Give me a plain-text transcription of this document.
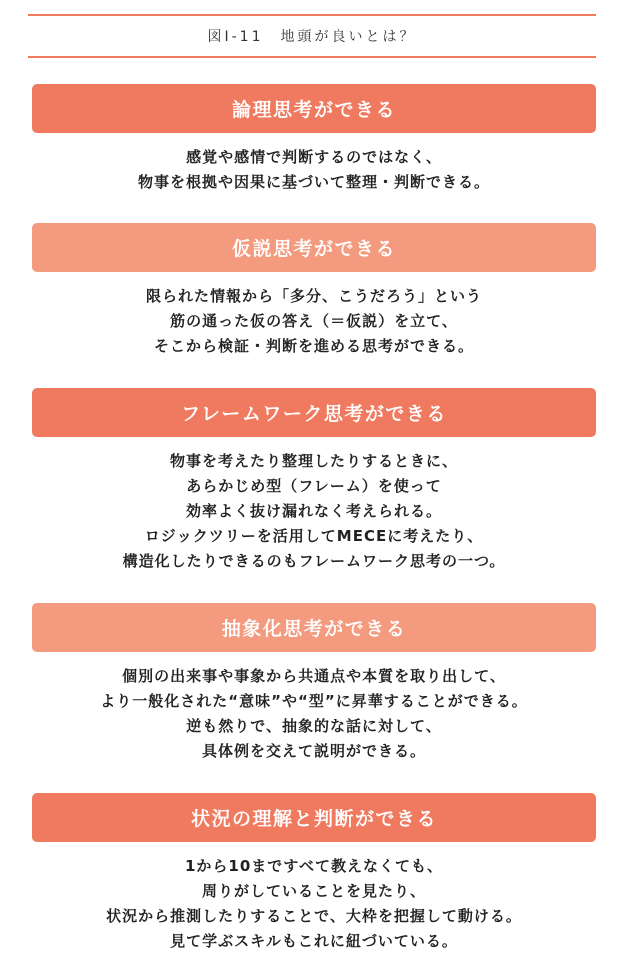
図Ⅰ-11　地頭が良いとは？
論理思考ができる
感覚や感情で判断するのではなく、
物事を根拠や因果に基づいて整理・判断できる。
仮説思考ができる
限られた情報から「多分、こうだろう」という
筋の通った仮の答え（＝仮説）を立て、
そこから検証・判断を進める思考ができる。
フレームワーク思考ができる
物事を考えたり整理したりするときに、
あらかじめ型（フレーム）を使って
効率よく抜け漏れなく考えられる。
ロジックツリーを活用してMECEに考えたり、
構造化したりできるのもフレームワーク思考の一つ。
抽象化思考ができる
個別の出来事や事象から共通点や本質を取り出して、
より一般化された“意味”や“型”に昇華することができる。
逆も然りで、抽象的な話に対して、
具体例を交えて説明ができる。
状況の理解と判断ができる
1から10まですべて教えなくても、
周りがしていることを見たり、
状況から推測したりすることで、大枠を把握して動ける。
見て学ぶスキルもこれに紐づいている。
